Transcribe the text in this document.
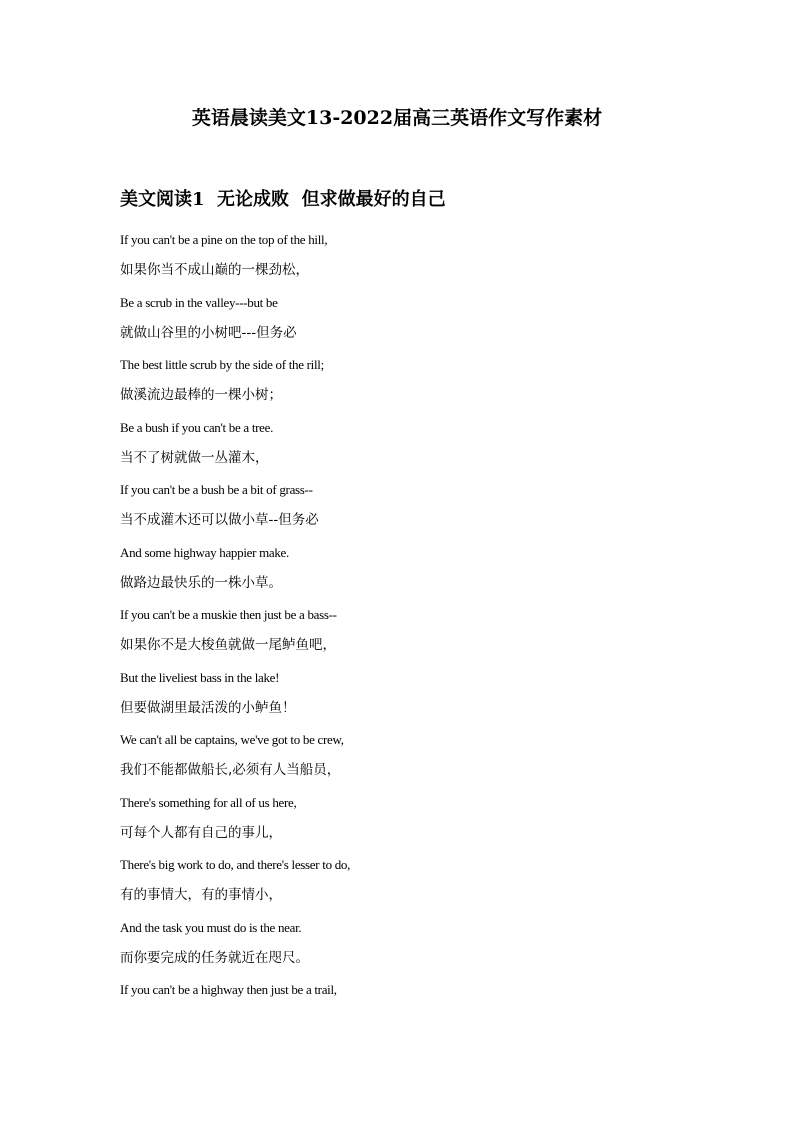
英语晨读美文13-2022届高三英语作文写作素材
美文阅读1  无论成败  但求做最好的自己
If you can't be a pine on the top of the hill,
如果你当不成山巅的一棵劲松，
Be a scrub in the valley---but be
就做山谷里的小树吧---但务必
The best little scrub by the side of the rill;
做溪流边最棒的一棵小树；
Be a bush if you can't be a tree.
当不了树就做一丛灌木，
If you can't be a bush be a bit of grass--
当不成灌木还可以做小草--但务必
And some highway happier make.
做路边最快乐的一株小草。
If you can't be a muskie then just be a bass--
如果你不是大梭鱼就做一尾鲈鱼吧，
But the liveliest bass in the lake!
但要做湖里最活泼的小鲈鱼！
We can't all be captains, we've got to be crew,
我们不能都做船长,必须有人当船员，
There's something for all of us here,
可每个人都有自己的事儿，
There's big work to do, and there's lesser to do,
有的事情大，有的事情小，
And the task you must do is the near.
而你要完成的任务就近在咫尺。
If you can't be a highway then just be a trail,
